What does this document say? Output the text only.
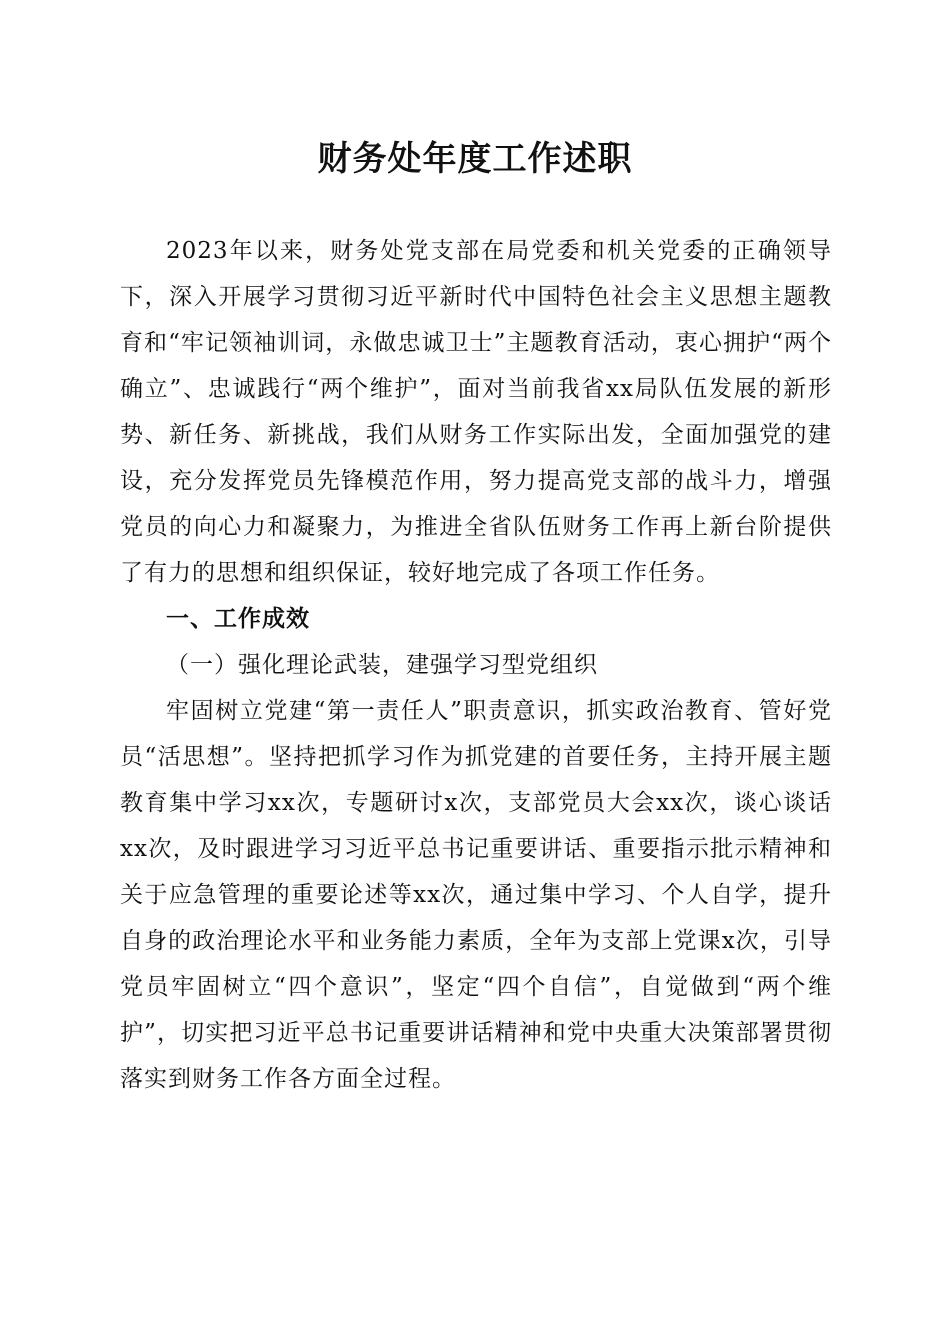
财务处年度工作述职

2023年以来，财务处党支部在局党委和机关党委的正确领导下，深入开展学习贯彻习近平新时代中国特色社会主义思想主题教育和“牢记领袖训词，永做忠诚卫士”主题教育活动，衷心拥护“两个确立”、忠诚践行“两个维护”，面对当前我省xx局队伍发展的新形势、新任务、新挑战，我们从财务工作实际出发，全面加强党的建设，充分发挥党员先锋模范作用，努力提高党支部的战斗力，增强党员的向心力和凝聚力，为推进全省队伍财务工作再上新台阶提供了有力的思想和组织保证，较好地完成了各项工作任务。

一、工作成效

（一）强化理论武装，建强学习型党组织

牢固树立党建“第一责任人”职责意识，抓实政治教育、管好党员“活思想”。坚持把抓学习作为抓党建的首要任务，主持开展主题教育集中学习xx次，专题研讨x次，支部党员大会xx次，谈心谈话xx次，及时跟进学习习近平总书记重要讲话、重要指示批示精神和关于应急管理的重要论述等xx次，通过集中学习、个人自学，提升自身的政治理论水平和业务能力素质，全年为支部上党课x次，引导党员牢固树立“四个意识”，坚定“四个自信”，自觉做到“两个维护”，切实把习近平总书记重要讲话精神和党中央重大决策部署贯彻落实到财务工作各方面全过程。
